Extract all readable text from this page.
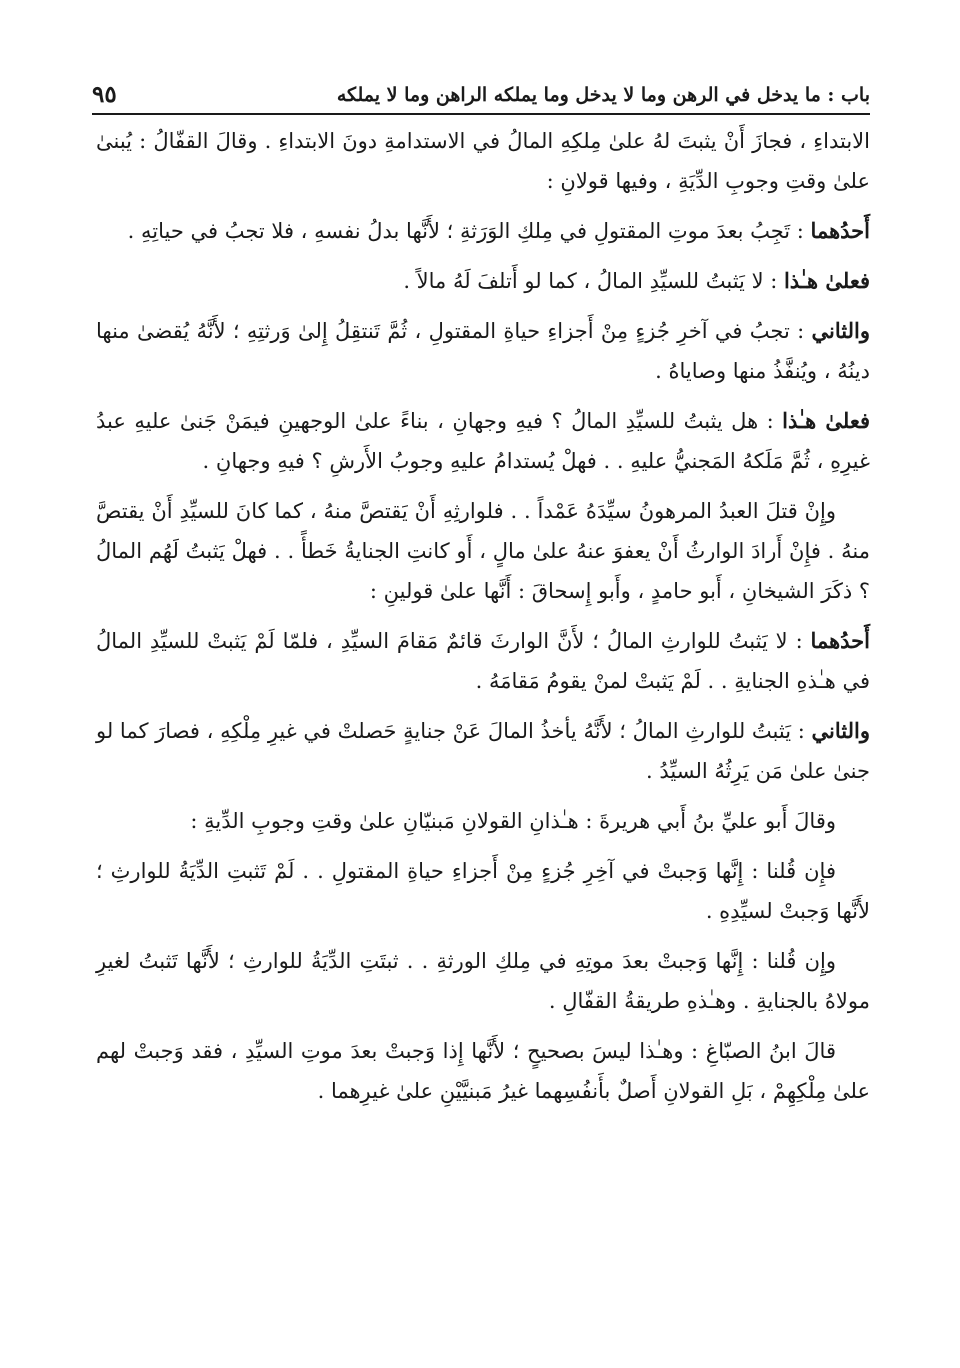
باب : ما يدخل في الرهن وما لا يدخل وما يملكه الراهن وما لا يملكه
٩٥

الابتداءِ ، فجازَ أَنْ يثبتَ لهُ علىٰ مِلكِهِ المالُ في الاستدامةِ دونَ الابتداءِ . وقالَ القفّالُ : يُبنىٰ علىٰ وقتِ وجوبِ الدِّيَةِ ، وفيها قولانِ :

أَحدُهما : تَجِبُ بعدَ موتِ المقتولِ في مِلكِ الوَرَثةِ ؛ لأَنَّها بدلُ نفسهِ ، فلا تجبُ في حياتِهِ .

فعلىٰ هـٰذا : لا يَثبتُ للسيِّدِ المالُ ، كما لو أَتلفَ لَهُ مالاً .

والثاني : تجبُ في آخرِ جُزءٍ مِنْ أَجزاءِ حياةِ المقتولِ ، ثُمَّ تَنتقِلُ إِلىٰ وَرثتِهِ ؛ لأَنَّهُ يُقضىٰ منها دينُهُ ، ويُنفَّذُ منها وصاياهُ .

فعلىٰ هـٰذا : هل يثبتُ للسيِّدِ المالُ ؟ فيهِ وجهانِ ، بناءً علىٰ الوجهينِ فيمَنْ جَنىٰ عليهِ عبدُ غيرِهِ ، ثُمَّ مَلَكهُ المَجنيُّ عليهِ . . فهلْ يُستدامُ عليهِ وجوبُ الأَرشِ ؟ فيهِ وجهانِ .

وإِنْ قتلَ العبدُ المرهونُ سيِّدَهُ عَمْداً . . فلوارثِهِ أَنْ يَقتصَّ منهُ ، كما كانَ للسيِّدِ أَنْ يقتصَّ منهُ . فإِنْ أَرادَ الوارثُ أَنْ يعفوَ عنهُ علىٰ مالٍ ، أَو كانتِ الجنايةُ خَطأً . . فهلْ يَثبتُ لَهُم المالُ ؟ ذكَرَ الشيخانِ ، أَبو حامدٍ ، وأَبو إِسحاقَ : أَنَّها علىٰ قولينِ :

أَحدُهما : لا يَثبتُ للوارثِ المالُ ؛ لأَنَّ الوارثَ قائمٌ مَقامَ السيِّدِ ، فلمّا لَمْ يَثبتْ للسيِّدِ المالُ في هـٰذهِ الجنايةِ . . لَمْ يَثبتْ لمنْ يقومُ مَقامَهُ .

والثاني : يَثبتُ للوارثِ المالُ ؛ لأَنَّهُ يأخذُ المالَ عَنْ جنايةٍ حَصلتْ في غيرِ مِلْكِهِ ، فصارَ كما لو جنىٰ علىٰ مَن يَرِثُهُ السيِّدُ .

وقالَ أَبو عليِّ بنُ أَبي هريرةَ : هـٰذانِ القولانِ مَبنيّانِ علىٰ وقتِ وجوبِ الدِّيةِ :

فإِن قُلنا : إِنَّها وَجبتْ في آخِرِ جُزءٍ مِنْ أَجزاءِ حياةِ المقتولِ . . لَمْ تَثبتِ الدِّيَةُ للوارثِ ؛ لأَنَّها وَجبتْ لسيِّدِهِ .

وإِن قُلنا : إِنَّها وَجبتْ بعدَ موتِهِ في مِلكِ الورثةِ . . ثبتَتِ الدِّيَةُ للوارثِ ؛ لأَنَّها تَثبتُ لغيرِ مولاهُ بالجنايةِ . وهـٰذهِ طريقةُ القفّالِ .

قالَ ابنُ الصبّاغِ : وهـٰذا ليسَ بصحيحٍ ؛ لأَنَّها إِذا وَجبتْ بعدَ موتِ السيِّدِ ، فقد وَجبتْ لهم علىٰ مِلْكِهِمْ ، بَلِ القولانِ أَصلٌ بأَنفُسِهما غيرُ مَبنيَّيْنِ علىٰ غيرِهما .
